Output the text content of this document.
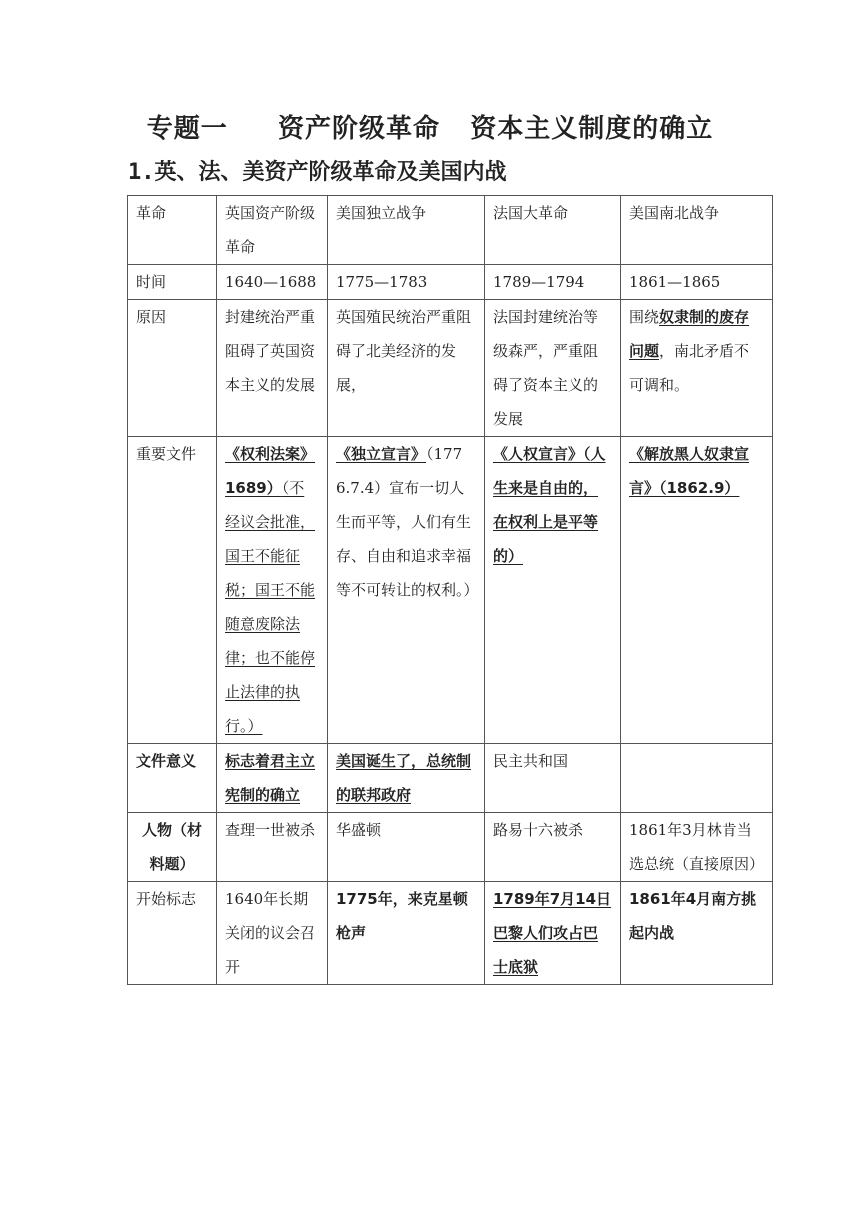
专题一     资产阶级革命   资本主义制度的确立
1.英、法、美资产阶级革命及美国内战
革命	英国资产阶级革命	美国独立战争	法国大革命	美国南北战争
时间	1640—1688	1775—1783	1789—1794	1861—1865
原因	封建统治严重阻碍了英国资本主义的发展	英国殖民统治严重阻碍了北美经济的发展，	法国封建统治等级森严，严重阻碍了资本主义的发展	围绕奴隶制的废存问题，南北矛盾不可调和。
重要文件	《权利法案》1689）（不经议会批准，国王不能征税；国王不能随意废除法律；也不能停止法律的执行。）	《独立宣言》（1776.7.4）宣布一切人生而平等，人们有生存、自由和追求幸福等不可转让的权利。）	《人权宣言》（人生来是自由的，在权利上是平等的）	《解放黑人奴隶宣言》（1862.9）
文件意义	标志着君主立宪制的确立	美国诞生了，总统制的联邦政府	民主共和国	
人物（材料题）	查理一世被杀	华盛顿	路易十六被杀	1861年3月林肯当选总统（直接原因）
开始标志	1640年长期关闭的议会召开	1775年，来克星顿枪声	1789年7月14日巴黎人们攻占巴士底狱	1861年4月南方挑起内战
